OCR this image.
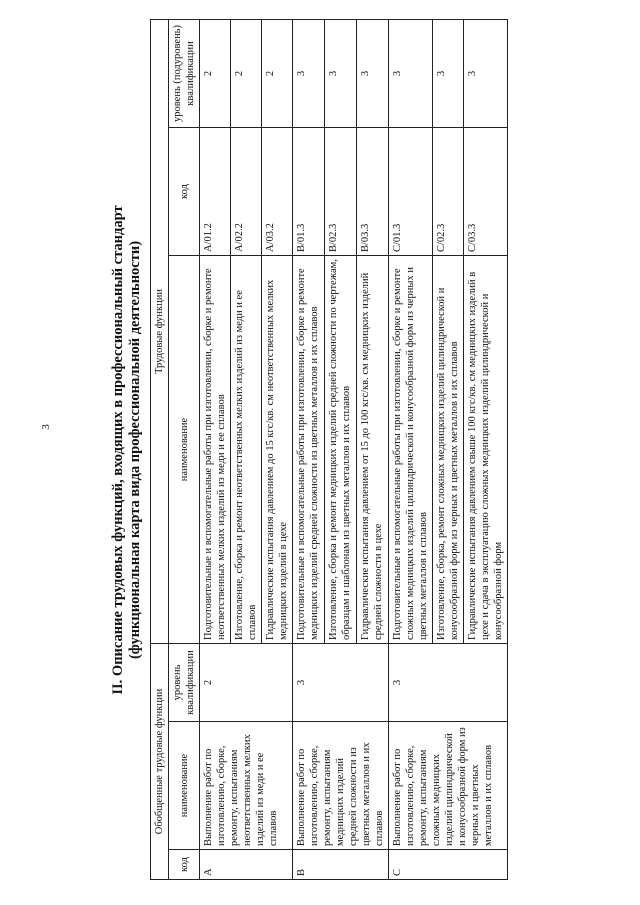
3	II. Описание трудовых функций, входящих в профессиональный стандарт (функциональная карта вида профессиональной деятельности)
Обобщенные трудовые функции			Трудовые функции		
код	наименование	уровень квалификации	наименование	код	уровень (подуровень) квалификации
A	Выполнение работ по изготовлению, сборке, ремонту, испытаниям неответственных мелких изделий из меди и ее сплавов	2	Подготовительные и вспомогательные работы при изготовлении, сборке и ремонте неответственных мелких изделий из меди и ее сплавов	A/01.2	2
			Изготовление, сборка и ремонт неответственных мелких изделий из меди и ее сплавов	A/02.2	2
			Гидравлические испытания давлением до 15 кгс/кв. см неответственных мелких медницких изделий в цехе	A/03.2	2
B	Выполнение работ по изготовлению, сборке, ремонту, испытаниям медницких изделий средней сложности из цветных металлов и их сплавов	3	Подготовительные и вспомогательные работы при изготовлении, сборке и ремонте медницких изделий средней сложности из цветных металлов и их сплавов	B/01.3	3
			Изготовление, сборка и ремонт медницких изделий средней сложности по чертежам, образцам и шаблонам из цветных металлов и их сплавов	B/02.3	3
			Гидравлические испытания давлением от 15 до 100 кгс/кв. см медницких изделий средней сложности в цехе	B/03.3	3
C	Выполнение работ по изготовлению, сборке, ремонту, испытаниям сложных медницких изделий цилиндрической и конусообразной форм из черных и цветных металлов и их сплавов	3	Подготовительные и вспомогательные работы при изготовлении, сборке и ремонте сложных медницких изделий цилиндрической и конусообразной форм из черных и цветных металлов и сплавов	C/01.3	3
			Изготовление, сборка, ремонт сложных медницких изделий цилиндрической и конусообразной форм из черных и цветных металлов и их сплавов	C/02.3	3
			Гидравлические испытания давлением свыше 100 кгс/кв. см медницких изделий в цехе и сдача в эксплуатацию сложных медницких изделий цилиндрической и конусообразной форм	C/03.3	3
